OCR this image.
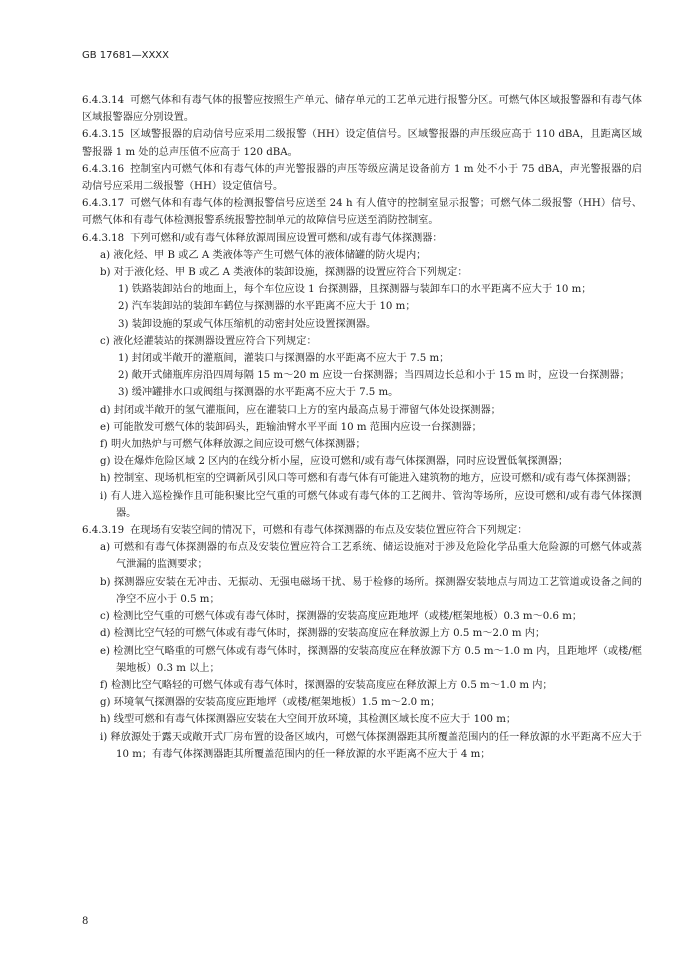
GB 17681—XXXX

6.4.3.14 可燃气体和有毒气体的报警应按照生产单元、储存单元的工艺单元进行报警分区。可燃气体区域报警器和有毒气体区域报警器应分别设置。

6.4.3.15 区域警报器的启动信号应采用二级报警（HH）设定值信号。区域警报器的声压级应高于 110 dBA，且距离区域警报器 1 m 处的总声压值不应高于 120 dBA。

6.4.3.16 控制室内可燃气体和有毒气体的声光警报器的声压等级应满足设备前方 1 m 处不小于 75 dBA，声光警报器的启动信号应采用二级报警（HH）设定值信号。

6.4.3.17 可燃气体和有毒气体的检测报警信号应送至 24 h 有人值守的控制室显示报警；可燃气体二级报警（HH）信号、可燃气体和有毒气体检测报警系统报警控制单元的故障信号应送至消防控制室。

6.4.3.18 下列可燃和/或有毒气体释放源周围应设置可燃和/或有毒气体探测器：

a) 液化烃、甲 B 或乙 A 类液体等产生可燃气体的液体储罐的防火堤内；

b) 对于液化烃、甲 B 或乙 A 类液体的装卸设施，探测器的设置应符合下列规定：

1) 铁路装卸站台的地面上，每个车位应设 1 台探测器，且探测器与装卸车口的水平距离不应大于 10 m；

2) 汽车装卸站的装卸车鹤位与探测器的水平距离不应大于 10 m；

3) 装卸设施的泵或气体压缩机的动密封处应设置探测器。

c) 液化烃灌装站的探测器设置应符合下列规定：

1) 封闭或半敞开的灌瓶间，灌装口与探测器的水平距离不应大于 7.5 m；

2) 敞开式储瓶库房沿四周每隔 15 m～20 m 应设一台探测器；当四周边长总和小于 15 m 时，应设一台探测器；

3) 缓冲罐排水口或阀组与探测器的水平距离不应大于 7.5 m。

d) 封闭或半敞开的氢气灌瓶间，应在灌装口上方的室内最高点易于滞留气体处设探测器；

e) 可能散发可燃气体的装卸码头，距输油臂水平平面 10 m 范围内应设一台探测器；

f) 明火加热炉与可燃气体释放源之间应设可燃气体探测器；

g) 设在爆炸危险区域 2 区内的在线分析小屋，应设可燃和/或有毒气体探测器，同时应设置低氧探测器；

h) 控制室、现场机柜室的空调新风引风口等可燃和有毒气体有可能进入建筑物的地方，应设可燃和/或有毒气体探测器；

i) 有人进入巡检操作且可能积聚比空气重的可燃气体或有毒气体的工艺阀井、管沟等场所，应设可燃和/或有毒气体探测器。

6.4.3.19 在现场有安装空间的情况下，可燃和有毒气体探测器的布点及安装位置应符合下列规定：

a) 可燃和有毒气体探测器的布点及安装位置应符合工艺系统、储运设施对于涉及危险化学品重大危险源的可燃气体或蒸气泄漏的监测要求；

b) 探测器应安装在无冲击、无振动、无强电磁场干扰、易于检修的场所。探测器安装地点与周边工艺管道或设备之间的净空不应小于 0.5 m；

c) 检测比空气重的可燃气体或有毒气体时，探测器的安装高度应距地坪（或楼/框架地板）0.3 m～0.6 m；

d) 检测比空气轻的可燃气体或有毒气体时，探测器的安装高度应在释放源上方 0.5 m～2.0 m 内；

e) 检测比空气略重的可燃气体或有毒气体时，探测器的安装高度应在释放源下方 0.5 m～1.0 m 内，且距地坪（或楼/框架地板）0.3 m 以上；

f) 检测比空气略轻的可燃气体或有毒气体时，探测器的安装高度应在释放源上方 0.5 m～1.0 m 内；

g) 环境氧气探测器的安装高度应距地坪（或楼/框架地板）1.5 m～2.0 m；

h) 线型可燃和有毒气体探测器应安装在大空间开放环境，其检测区域长度不应大于 100 m；

i) 释放源处于露天或敞开式厂房布置的设备区域内，可燃气体探测器距其所覆盖范围内的任一释放源的水平距离不应大于 10 m；有毒气体探测器距其所覆盖范围内的任一释放源的水平距离不应大于 4 m；

8
